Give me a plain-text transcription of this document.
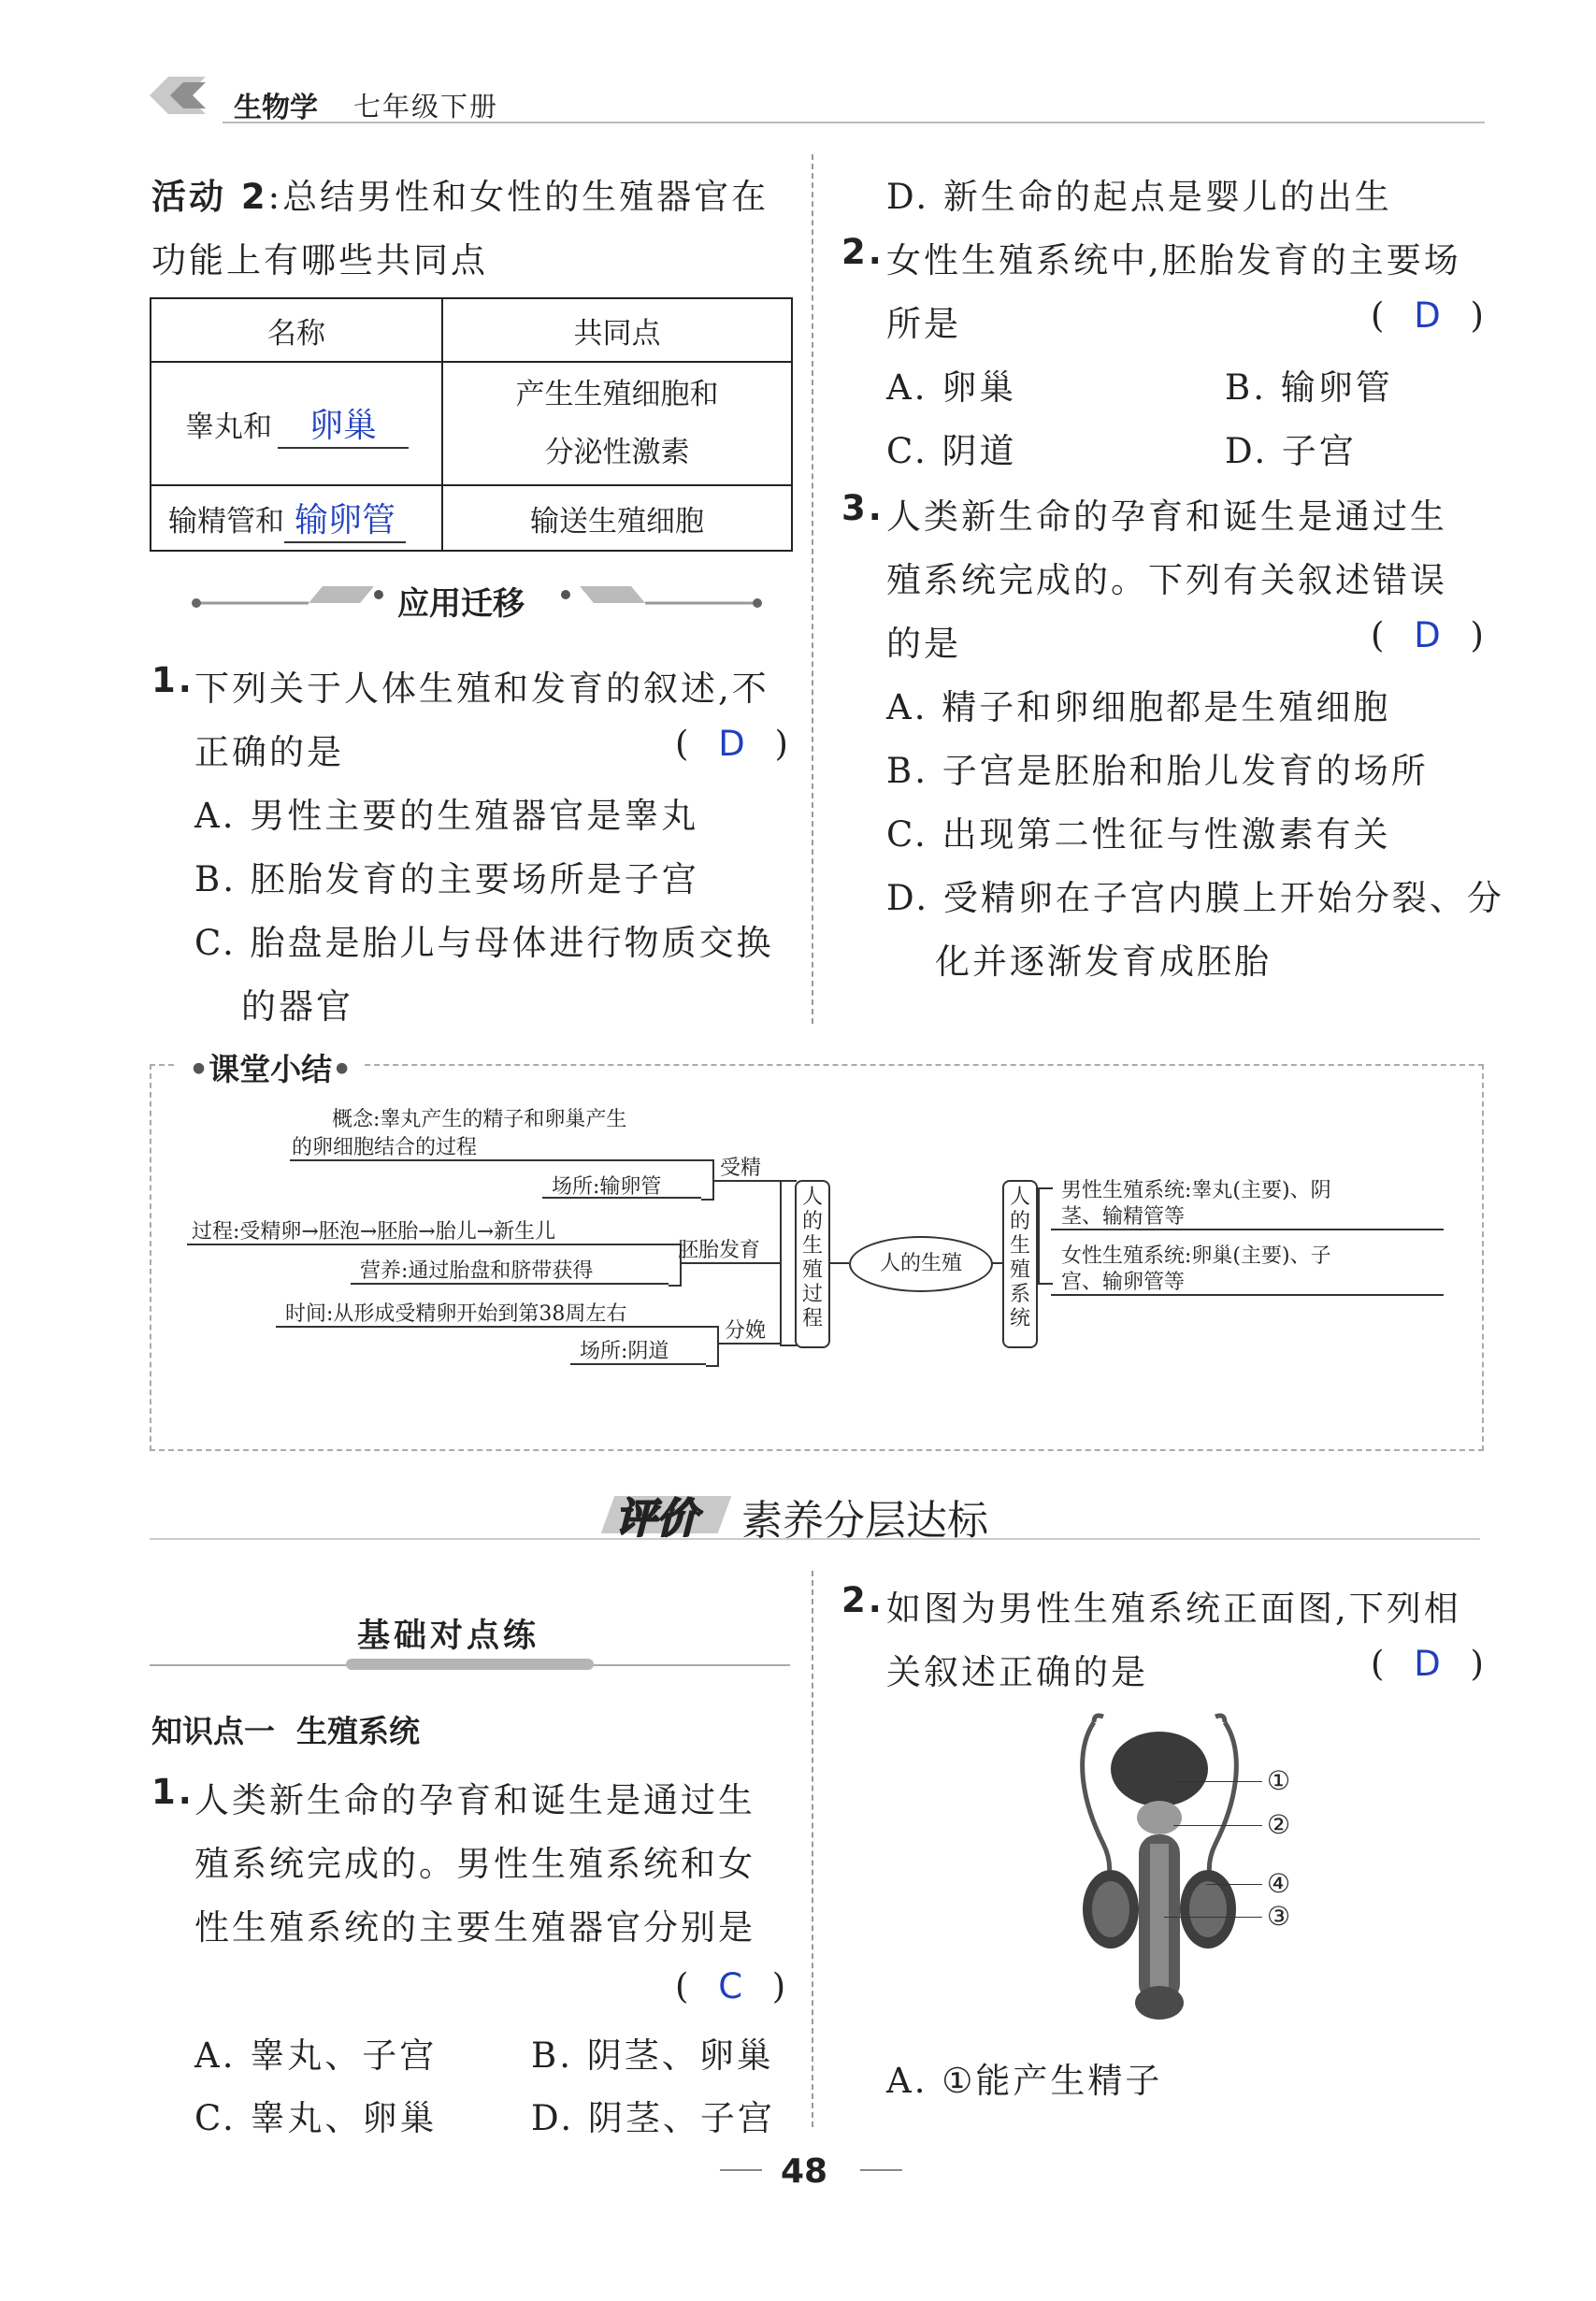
生物学 七年级下册
活动 2:总结男性和女性的生殖器官在
功能上有哪些共同点
名称	共同点
睾丸和 卵巢	产生生殖细胞和
分泌性激素

输精管和 输卵管	输送生殖细胞
应用迁移
1. 下列关于人体生殖和发育的叙述,不
正确的是	( D )
A. 男性主要的生殖器官是睾丸
B. 胚胎发育的主要场所是子宫
C. 胎盘是胎儿与母体进行物质交换
的器官
D. 新生命的起点是婴儿的出生
2. 女性生殖系统中,胚胎发育的主要场
所是	( D )
A. 卵巢	B. 输卵管
C. 阴道	D. 子宫
3. 人类新生命的孕育和诞生是通过生
殖系统完成的。下列有关叙述错误
的是	( D )
A. 精子和卵细胞都是生殖细胞
B. 子宫是胚胎和胎儿发育的场所
C. 出现第二性征与性激素有关
D. 受精卵在子宫内膜上开始分裂、分
化并逐渐发育成胚胎
•课堂小结•
概念:睾丸产生的精子和卵巢产生
的卵细胞结合的过程
场所:输卵管
受精
过程:受精卵→胚泡→胚胎→胎儿→新生儿
营养:通过胎盘和脐带获得
胚胎发育
时间:从形成受精卵开始到第38周左右
场所:阴道
分娩
人的生殖过程
人的生殖
人的生殖系统
男性生殖系统:睾丸(主要)、阴
茎、输精管等
女性生殖系统:卵巢(主要)、子
宫、输卵管等
评价 素养分层达标
基础对点练
知识点一  生殖系统
1. 人类新生命的孕育和诞生是通过生
殖系统完成的。男性生殖系统和女
性生殖系统的主要生殖器官分别是
( C )
A. 睾丸、子宫	B. 阴茎、卵巢
C. 睾丸、卵巢	D. 阴茎、子宫
2. 如图为男性生殖系统正面图,下列相
关叙述正确的是	( D )
①
②
④
③
A. ①能产生精子
48
